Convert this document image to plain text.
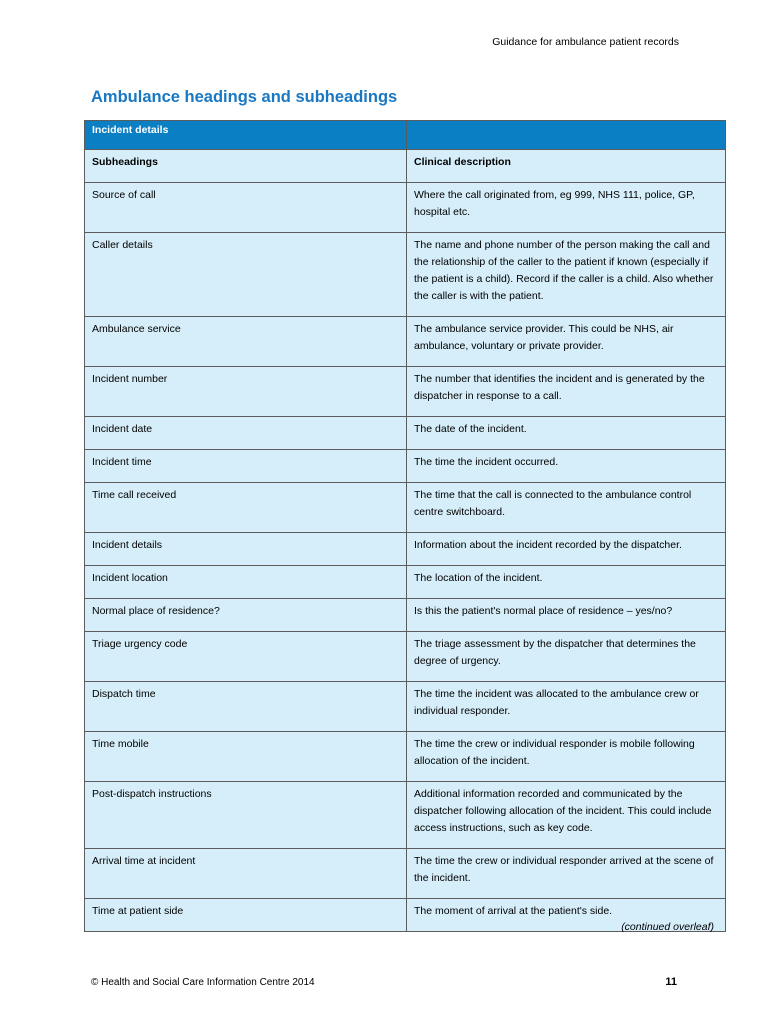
Guidance for ambulance patient records
Ambulance headings and subheadings
Incident details	
Subheadings	Clinical description
Source of call	Where the call originated from, eg 999, NHS 111, police, GP, hospital etc.
Caller details	The name and phone number of the person making the call and the relationship of the caller to the patient if known (especially if the patient is a child). Record if the caller is a child. Also whether the caller is with the patient.
Ambulance service	The ambulance service provider. This could be NHS, air ambulance, voluntary or private provider.
Incident number	The number that identifies the incident and is generated by the dispatcher in response to a call.
Incident date	The date of the incident.
Incident time	The time the incident occurred.
Time call received	The time that the call is connected to the ambulance control centre switchboard.
Incident details	Information about the incident recorded by the dispatcher.
Incident location	The location of the incident.
Normal place of residence?	Is this the patient's normal place of residence – yes/no?
Triage urgency code	The triage assessment by the dispatcher that determines the degree of urgency.
Dispatch time	The time the incident was allocated to the ambulance crew or individual responder.
Time mobile	The time the crew or individual responder is mobile following allocation of the incident.
Post-dispatch instructions	Additional information recorded and communicated by the dispatcher following allocation of the incident. This could include access instructions, such as key code.
Arrival time at incident	The time the crew or individual responder arrived at the scene of the incident.
Time at patient side	The moment of arrival at the patient's side.
(continued overleaf)
© Health and Social Care Information Centre 2014	11
